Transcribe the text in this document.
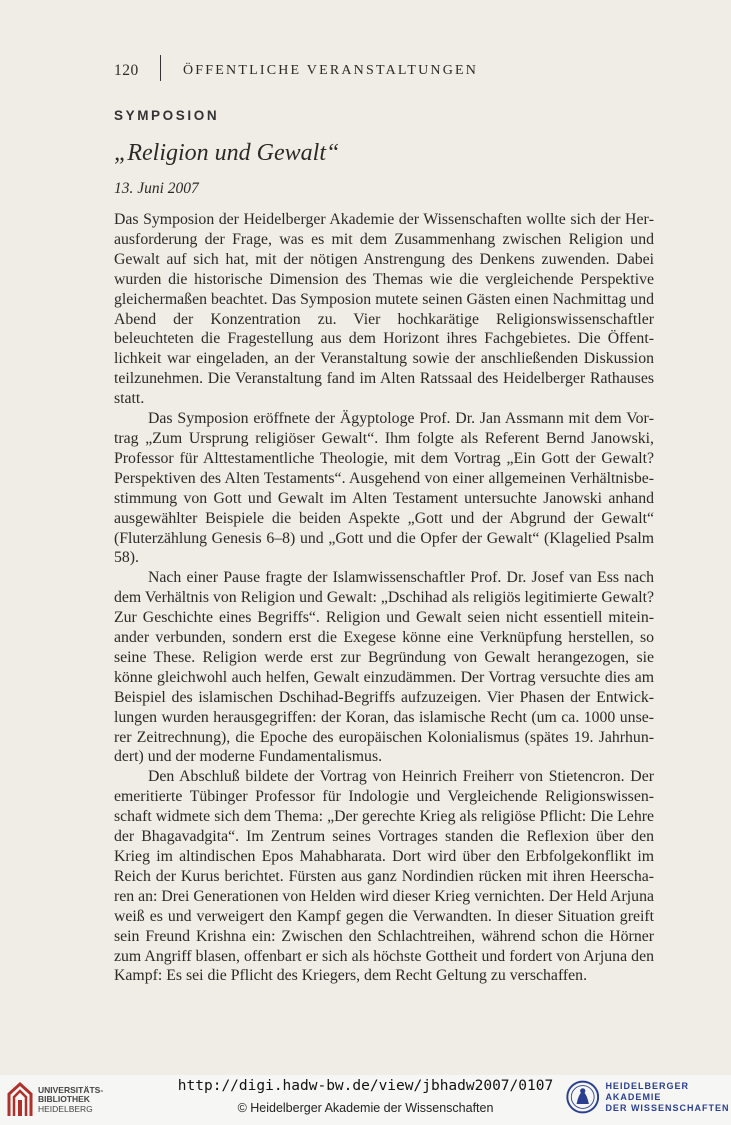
120	ÖFFENTLICHE VERANSTALTUNGEN
SYMPOSION
„Religion und Gewalt“
13. Juni 2007

Das Symposion der Heidelberger Akademie der Wissenschaften wollte sich der Herausforderung der Frage, was es mit dem Zusammenhang zwischen Religion und Gewalt auf sich hat, mit der nötigen Anstrengung des Denkens zuwenden. Dabei wurden die historische Dimension des Themas wie die vergleichende Perspektive gleichermaßen beachtet. Das Symposion mutete seinen Gästen einen Nachmittag und Abend der Konzentration zu. Vier hochkarätige Religionswissenschaftler beleuchteten die Fragestellung aus dem Horizont ihres Fachgebietes. Die Öffentlichkeit war eingeladen, an der Veranstaltung sowie der anschließenden Diskussion teilzunehmen. Die Veranstaltung fand im Alten Ratssaal des Heidelberger Rathauses statt.

Das Symposion eröffnete der Ägyptologe Prof. Dr. Jan Assmann mit dem Vortrag „Zum Ursprung religiöser Gewalt“. Ihm folgte als Referent Bernd Janowski, Professor für Alttestamentliche Theologie, mit dem Vortrag „Ein Gott der Gewalt? Perspektiven des Alten Testaments“. Ausgehend von einer allgemeinen Verhältnisbestimmung von Gott und Gewalt im Alten Testament untersuchte Janowski anhand ausgewählter Beispiele die beiden Aspekte „Gott und der Abgrund der Gewalt“ (Fluterzählung Genesis 6–8) und „Gott und die Opfer der Gewalt“ (Klagelied Psalm 58).

Nach einer Pause fragte der Islamwissenschaftler Prof. Dr. Josef van Ess nach dem Verhältnis von Religion und Gewalt: „Dschihad als religiös legitimierte Gewalt? Zur Geschichte eines Begriffs“. Religion und Gewalt seien nicht essentiell miteinander verbunden, sondern erst die Exegese könne eine Verknüpfung herstellen, so seine These. Religion werde erst zur Begründung von Gewalt herangezogen, sie könne gleichwohl auch helfen, Gewalt einzudämmen. Der Vortrag versuchte dies am Beispiel des islamischen Dschihad-Begriffs aufzuzeigen. Vier Phasen der Entwicklungen wurden herausgegriffen: der Koran, das islamische Recht (um ca. 1000 unserer Zeitrechnung), die Epoche des europäischen Kolonialismus (spätes 19. Jahrhundert) und der moderne Fundamentalismus.

Den Abschluß bildete der Vortrag von Heinrich Freiherr von Stietencron. Der emeritierte Tübinger Professor für Indologie und Vergleichende Religionswissenschaft widmete sich dem Thema: „Der gerechte Krieg als religiöse Pflicht: Die Lehre der Bhagavadgita“. Im Zentrum seines Vortrages standen die Reflexion über den Krieg im altindischen Epos Mahabharata. Dort wird über den Erbfolgekonflikt im Reich der Kurus berichtet. Fürsten aus ganz Nordindien rücken mit ihren Heerscharen an: Drei Generationen von Helden wird dieser Krieg vernichten. Der Held Arjuna weiß es und verweigert den Kampf gegen die Verwandten. In dieser Situation greift sein Freund Krishna ein: Zwischen den Schlachtreihen, während schon die Hörner zum Angriff blasen, offenbart er sich als höchste Gottheit und fordert von Arjuna den Kampf: Es sei die Pflicht des Kriegers, dem Recht Geltung zu verschaffen.

UNIVERSITÄTS-
BIBLIOTHEK
HEIDELBERG
http://digi.hadw-bw.de/view/jbhadw2007/0107
© Heidelberger Akademie der Wissenschaften
HEIDELBERGER AKADEMIE
DER WISSENSCHAFTEN
